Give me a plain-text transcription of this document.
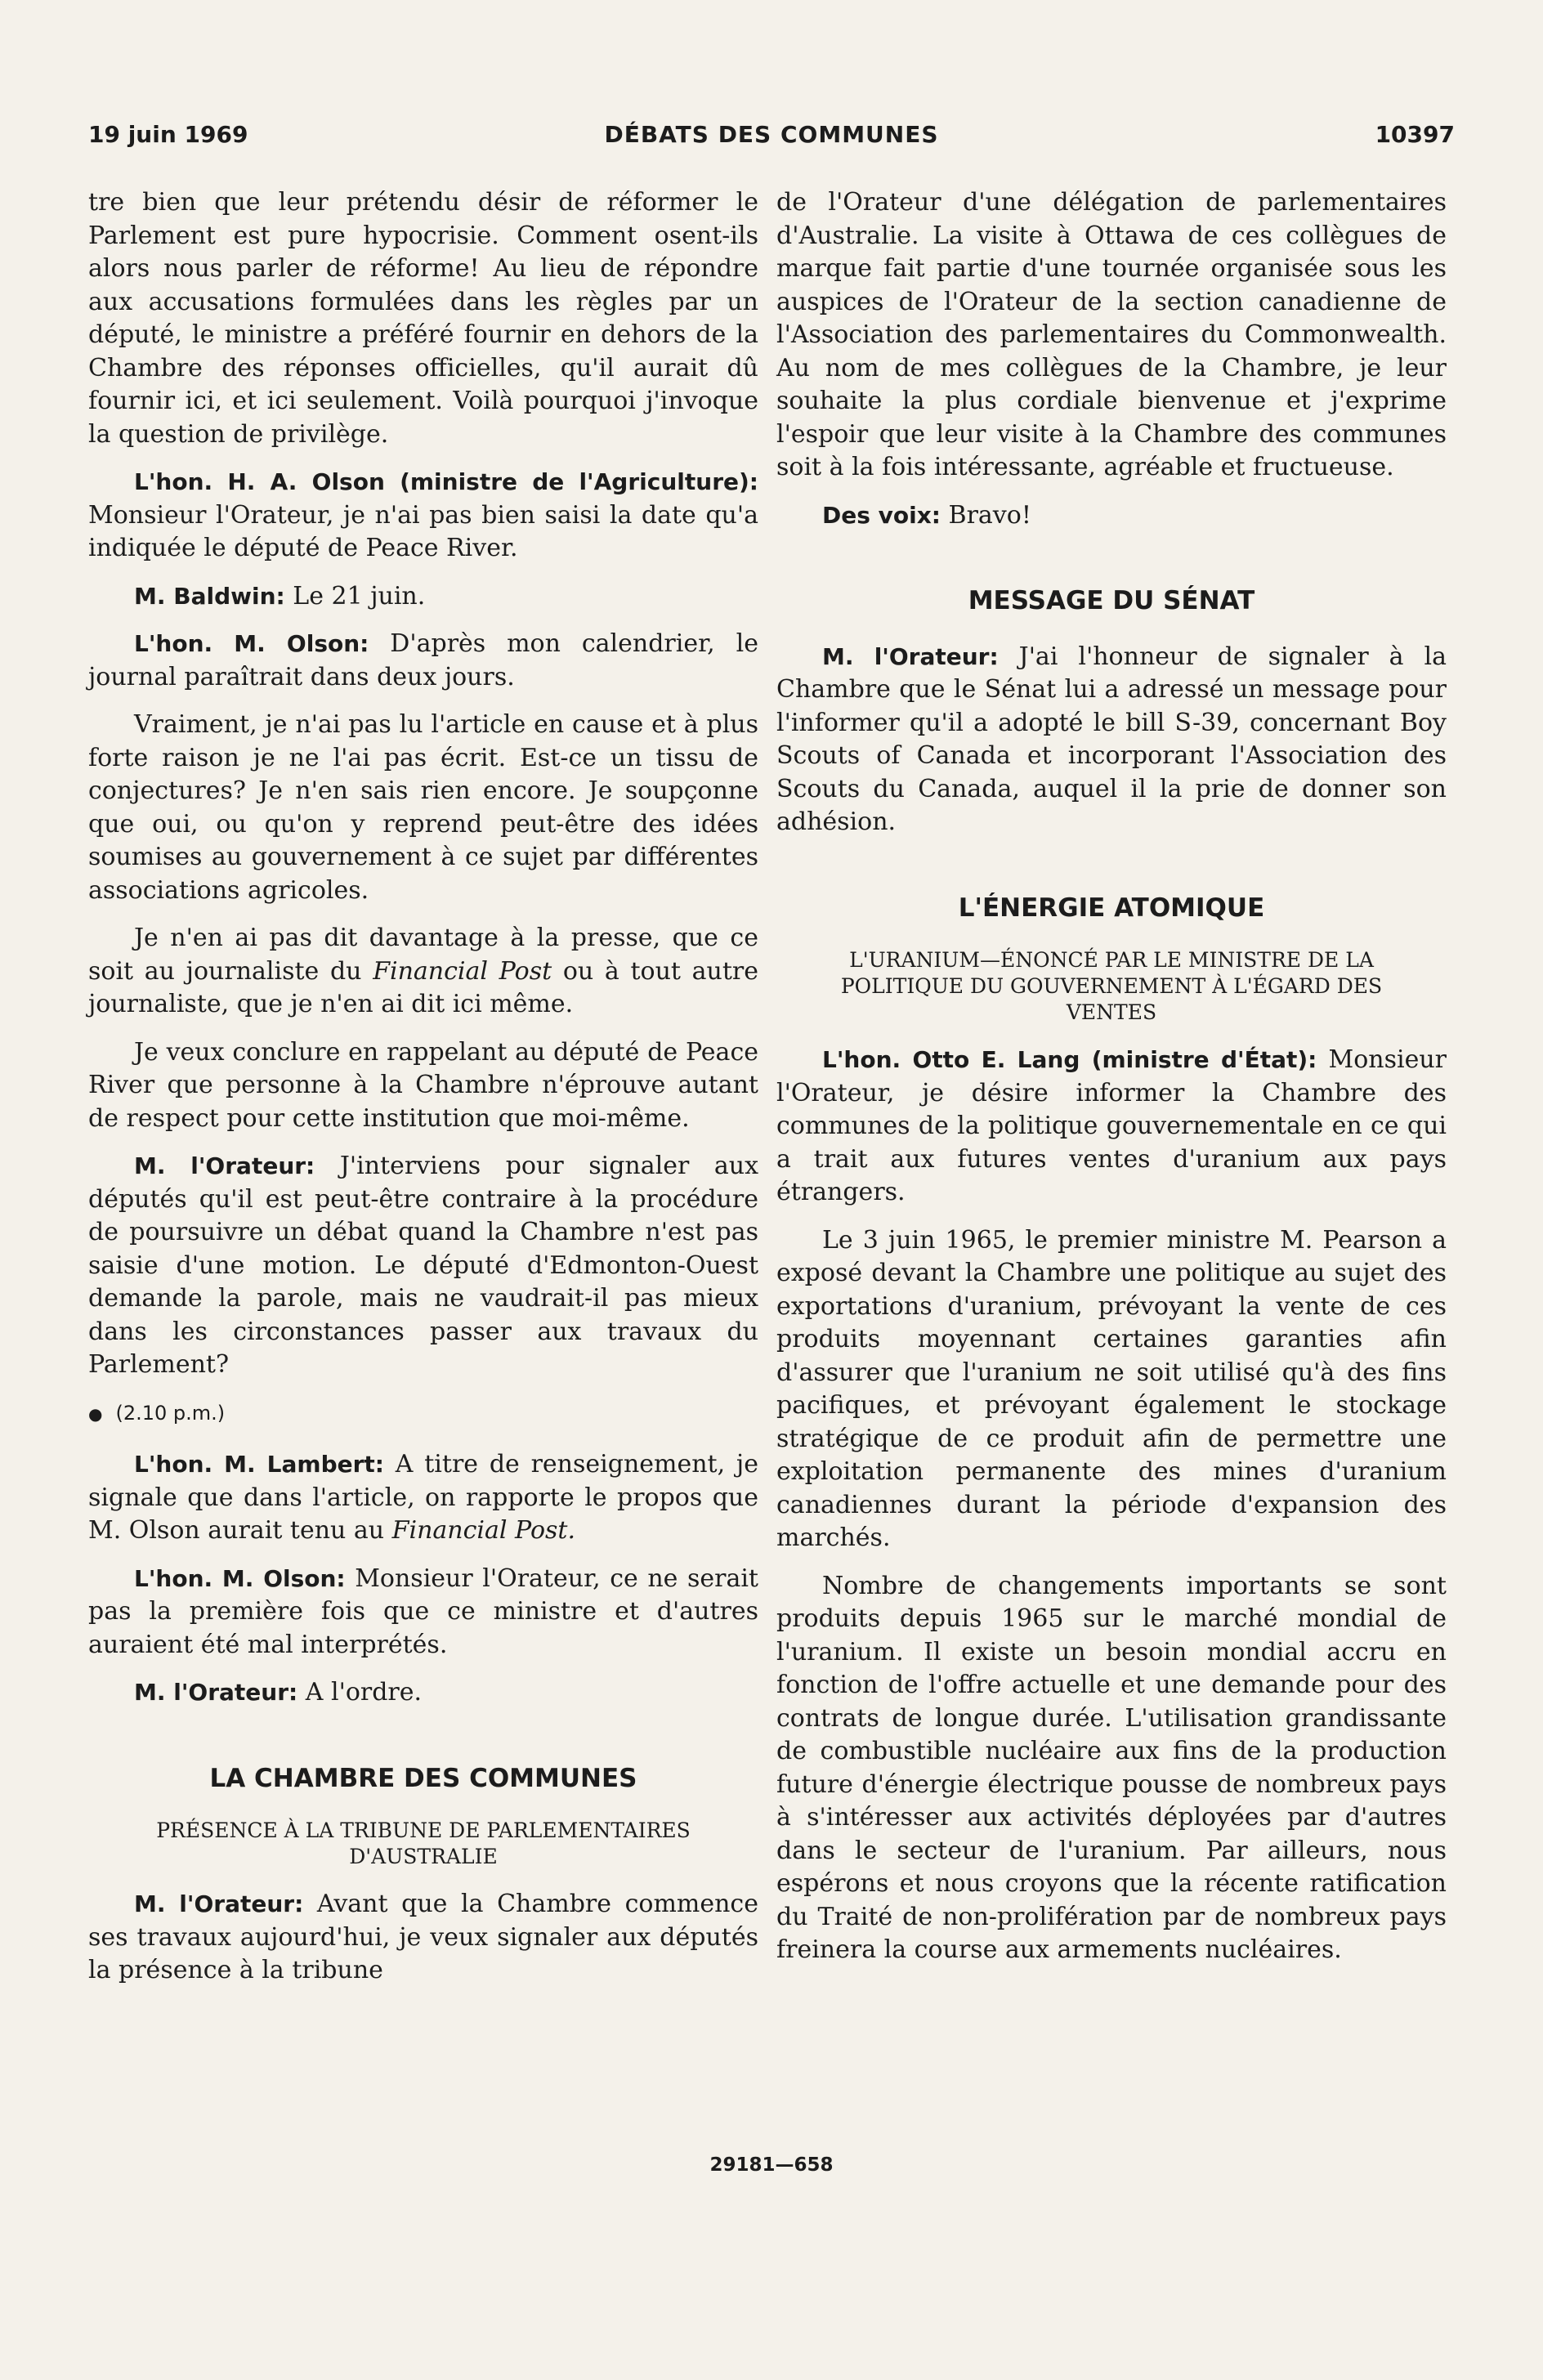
19 juin 1969	DÉBATS DES COMMUNES	10397

tre bien que leur prétendu désir de réformer le Parlement est pure hypocrisie. Comment osent-ils alors nous parler de réforme! Au lieu de répondre aux accusations formulées dans les règles par un député, le ministre a préféré fournir en dehors de la Chambre des réponses officielles, qu'il aurait dû fournir ici, et ici seulement. Voilà pourquoi j'invoque la question de privilège.

L'hon. H. A. Olson (ministre de l'Agriculture): Monsieur l'Orateur, je n'ai pas bien saisi la date qu'a indiquée le député de Peace River.

M. Baldwin: Le 21 juin.

L'hon. M. Olson: D'après mon calendrier, le journal paraîtrait dans deux jours.

Vraiment, je n'ai pas lu l'article en cause et à plus forte raison je ne l'ai pas écrit. Est-ce un tissu de conjectures? Je n'en sais rien encore. Je soupçonne que oui, ou qu'on y reprend peut-être des idées soumises au gouvernement à ce sujet par différentes associations agricoles.

Je n'en ai pas dit davantage à la presse, que ce soit au journaliste du Financial Post ou à tout autre journaliste, que je n'en ai dit ici même.

Je veux conclure en rappelant au député de Peace River que personne à la Chambre n'éprouve autant de respect pour cette institution que moi-même.

M. l'Orateur: J'interviens pour signaler aux députés qu'il est peut-être contraire à la procédure de poursuivre un débat quand la Chambre n'est pas saisie d'une motion. Le député d'Edmonton-Ouest demande la parole, mais ne vaudrait-il pas mieux dans les circonstances passer aux travaux du Parlement?

● (2.10 p.m.)

L'hon. M. Lambert: A titre de renseignement, je signale que dans l'article, on rapporte le propos que M. Olson aurait tenu au Financial Post.

L'hon. M. Olson: Monsieur l'Orateur, ce ne serait pas la première fois que ce ministre et d'autres auraient été mal interprétés.

M. l'Orateur: A l'ordre.

LA CHAMBRE DES COMMUNES
PRÉSENCE À LA TRIBUNE DE PARLEMENTAIRES D'AUSTRALIE

M. l'Orateur: Avant que la Chambre commence ses travaux aujourd'hui, je veux signaler aux députés la présence à la tribune

de l'Orateur d'une délégation de parlementaires d'Australie. La visite à Ottawa de ces collègues de marque fait partie d'une tournée organisée sous les auspices de l'Orateur de la section canadienne de l'Association des parlementaires du Commonwealth. Au nom de mes collègues de la Chambre, je leur souhaite la plus cordiale bienvenue et j'exprime l'espoir que leur visite à la Chambre des communes soit à la fois intéressante, agréable et fructueuse.

Des voix: Bravo!

MESSAGE DU SÉNAT

M. l'Orateur: J'ai l'honneur de signaler à la Chambre que le Sénat lui a adressé un message pour l'informer qu'il a adopté le bill S-39, concernant Boy Scouts of Canada et incorporant l'Association des Scouts du Canada, auquel il la prie de donner son adhésion.

L'ÉNERGIE ATOMIQUE
L'URANIUM—ÉNONCÉ PAR LE MINISTRE DE LA POLITIQUE DU GOUVERNEMENT À L'ÉGARD DES VENTES

L'hon. Otto E. Lang (ministre d'État): Monsieur l'Orateur, je désire informer la Chambre des communes de la politique gouvernementale en ce qui a trait aux futures ventes d'uranium aux pays étrangers.

Le 3 juin 1965, le premier ministre M. Pearson a exposé devant la Chambre une politique au sujet des exportations d'uranium, prévoyant la vente de ces produits moyennant certaines garanties afin d'assurer que l'uranium ne soit utilisé qu'à des fins pacifiques, et prévoyant également le stockage stratégique de ce produit afin de permettre une exploitation permanente des mines d'uranium canadiennes durant la période d'expansion des marchés.

Nombre de changements importants se sont produits depuis 1965 sur le marché mondial de l'uranium. Il existe un besoin mondial accru en fonction de l'offre actuelle et une demande pour des contrats de longue durée. L'utilisation grandissante de combustible nucléaire aux fins de la production future d'énergie électrique pousse de nombreux pays à s'intéresser aux activités déployées par d'autres dans le secteur de l'uranium. Par ailleurs, nous espérons et nous croyons que la récente ratification du Traité de non-prolifération par de nombreux pays freinera la course aux armements nucléaires.

29181—658
